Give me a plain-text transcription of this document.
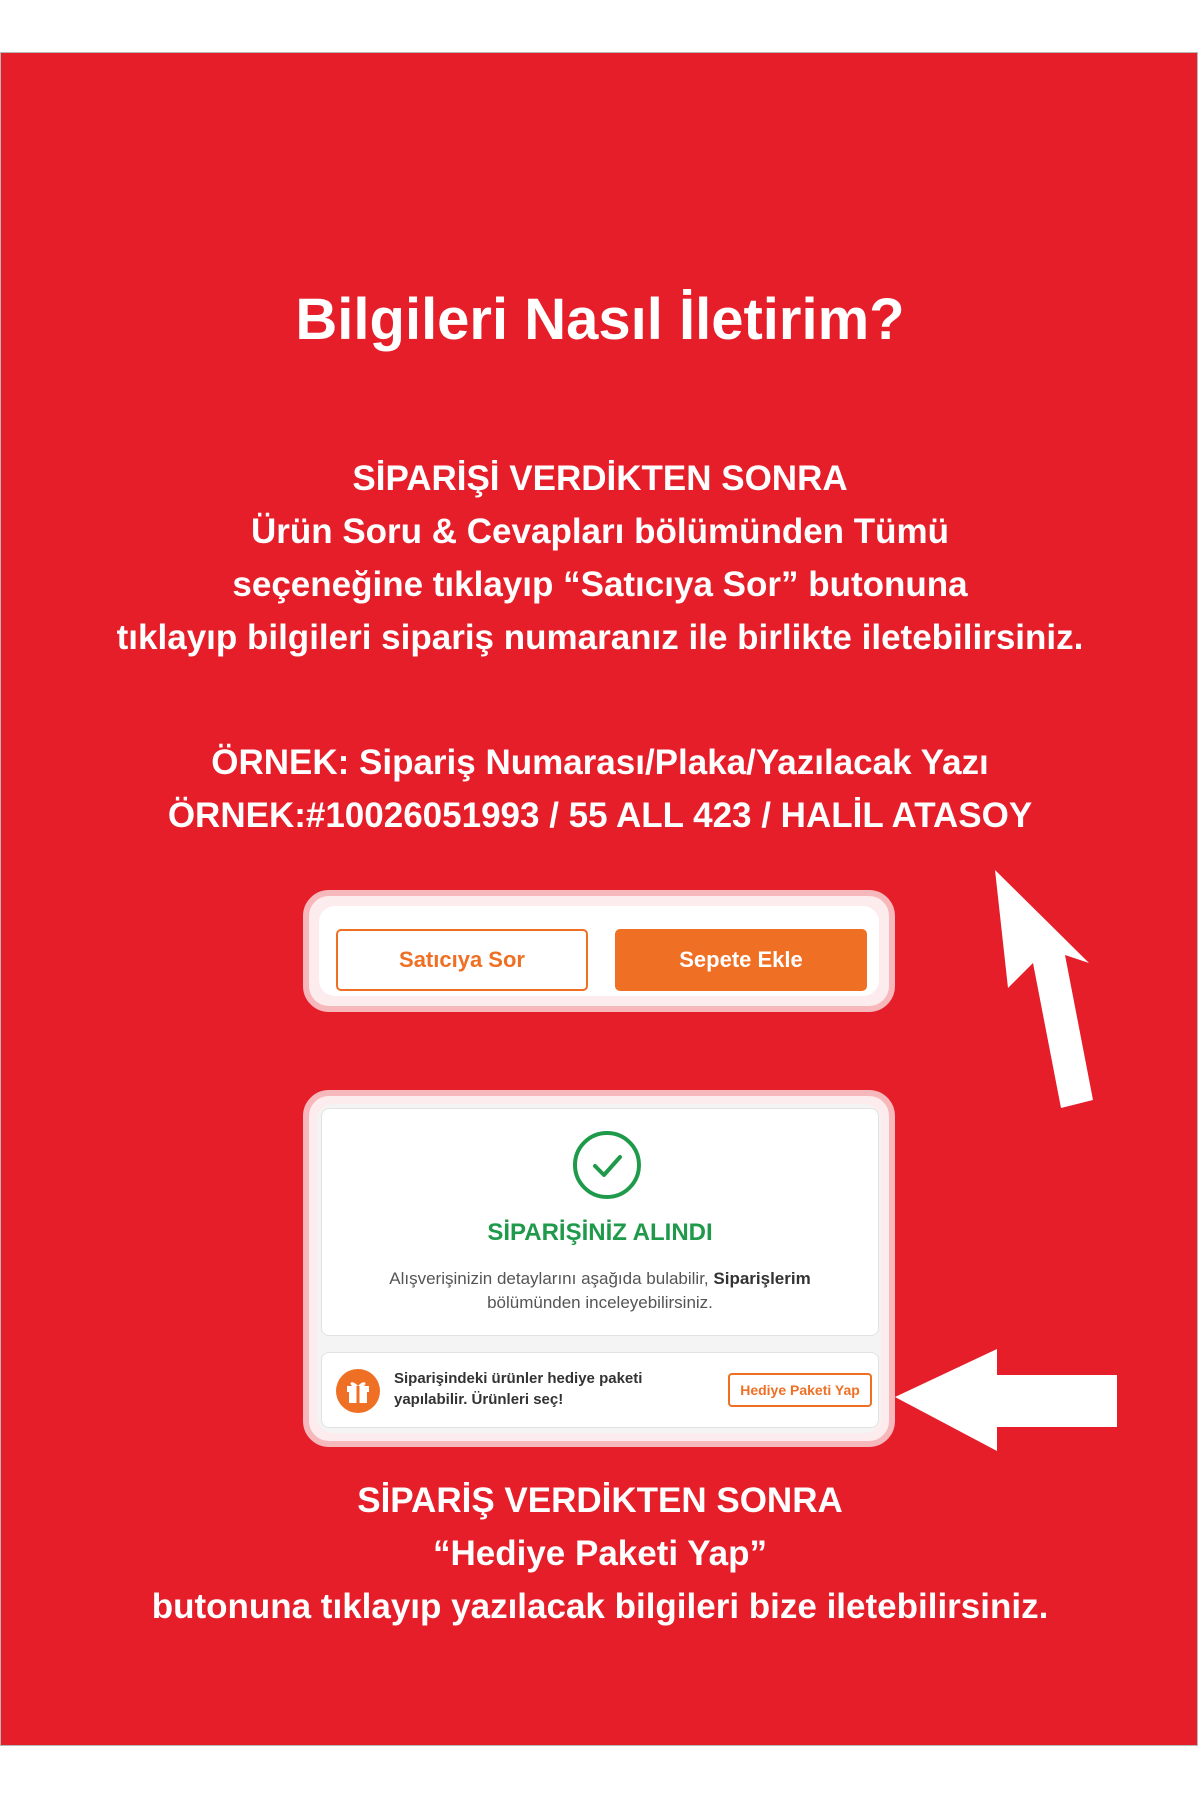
Bilgileri Nasıl İletirim?
SİPARİŞİ VERDİKTEN SONRA
Ürün Soru & Cevapları bölümünden Tümü
seçeneğine tıklayıp “Satıcıya Sor” butonuna
tıklayıp bilgileri sipariş numaranız ile birlikte iletebilirsiniz.
ÖRNEK: Sipariş Numarası/Plaka/Yazılacak Yazı
ÖRNEK:#10026051993 / 55 ALL 423 / HALİL ATASOY
Satıcıya Sor	Sepete Ekle
SİPARİŞİNİZ ALINDI
Alışverişinizin detaylarını aşağıda bulabilir, Siparişlerim
bölümünden inceleyebilirsiniz.
Siparişindeki ürünler hediye paketi
yapılabilir. Ürünleri seç!
Hediye Paketi Yap
SİPARİŞ VERDİKTEN SONRA
“Hediye Paketi Yap”
butonuna tıklayıp yazılacak bilgileri bize iletebilirsiniz.
